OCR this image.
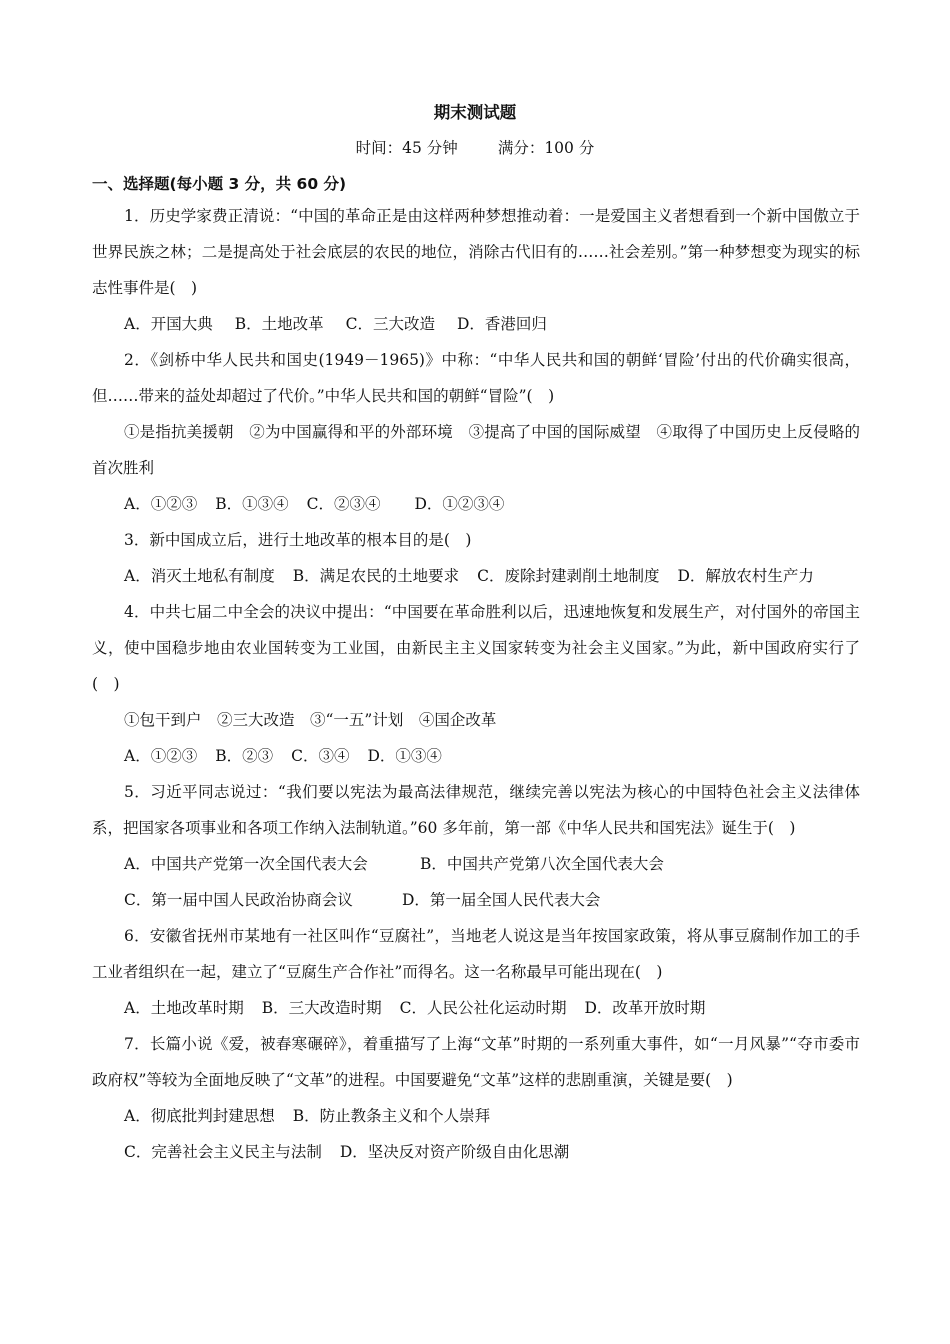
期末测试题
时间：45 分钟	满分：100 分
一、选择题(每小题 3 分，共 60 分)

1．历史学家费正清说：“中国的革命正是由这样两种梦想推动着：一是爱国主义者想看到一个新中国傲立于世界民族之林；二是提高处于社会底层的农民的地位，消除古代旧有的……社会差别。”第一种梦想变为现实的标志性事件是(　)

A．开国大典 B．土地改革 C．三大改造 D．香港回归

2．《剑桥中华人民共和国史(1949－1965)》中称：“中华人民共和国的朝鲜‘冒险’付出的代价确实很高，但……带来的益处却超过了代价。”中华人民共和国的朝鲜“冒险”(　)

①是指抗美援朝　②为中国赢得和平的外部环境　③提高了中国的国际威望　④取得了中国历史上反侵略的首次胜利

A．①②③ B．①③④ C．②③④ D．①②③④

3．新中国成立后，进行土地改革的根本目的是(　)

A．消灭土地私有制度 B．满足农民的土地要求 C．废除封建剥削土地制度 D．解放农村生产力

4．中共七届二中全会的决议中提出：“中国要在革命胜利以后，迅速地恢复和发展生产，对付国外的帝国主义，使中国稳步地由农业国转变为工业国，由新民主主义国家转变为社会主义国家。”为此，新中国政府实行了(　)

①包干到户　②三大改造　③“一五”计划　④国企改革

A．①②③ B．②③ C．③④ D．①③④

5．习近平同志说过：“我们要以宪法为最高法律规范，继续完善以宪法为核心的中国特色社会主义法律体系，把国家各项事业和各项工作纳入法制轨道。”60 多年前，第一部《中华人民共和国宪法》诞生于(　)

A．中国共产党第一次全国代表大会	B．中国共产党第八次全国代表大会

C．第一届中国人民政治协商会议	D．第一届全国人民代表大会

6．安徽省抚州市某地有一社区叫作“豆腐社”，当地老人说这是当年按国家政策，将从事豆腐制作加工的手工业者组织在一起，建立了“豆腐生产合作社”而得名。这一名称最早可能出现在(　)

A．土地改革时期 B．三大改造时期 C．人民公社化运动时期 D．改革开放时期

7．长篇小说《爱，被春寒碾碎》，着重描写了上海“文革”时期的一系列重大事件，如“一月风暴”“夺市委市政府权”等较为全面地反映了“文革”的进程。中国要避免“文革”这样的悲剧重演，关键是要(　)

A．彻底批判封建思想 B．防止教条主义和个人崇拜

C．完善社会主义民主与法制 D．坚决反对资产阶级自由化思潮
